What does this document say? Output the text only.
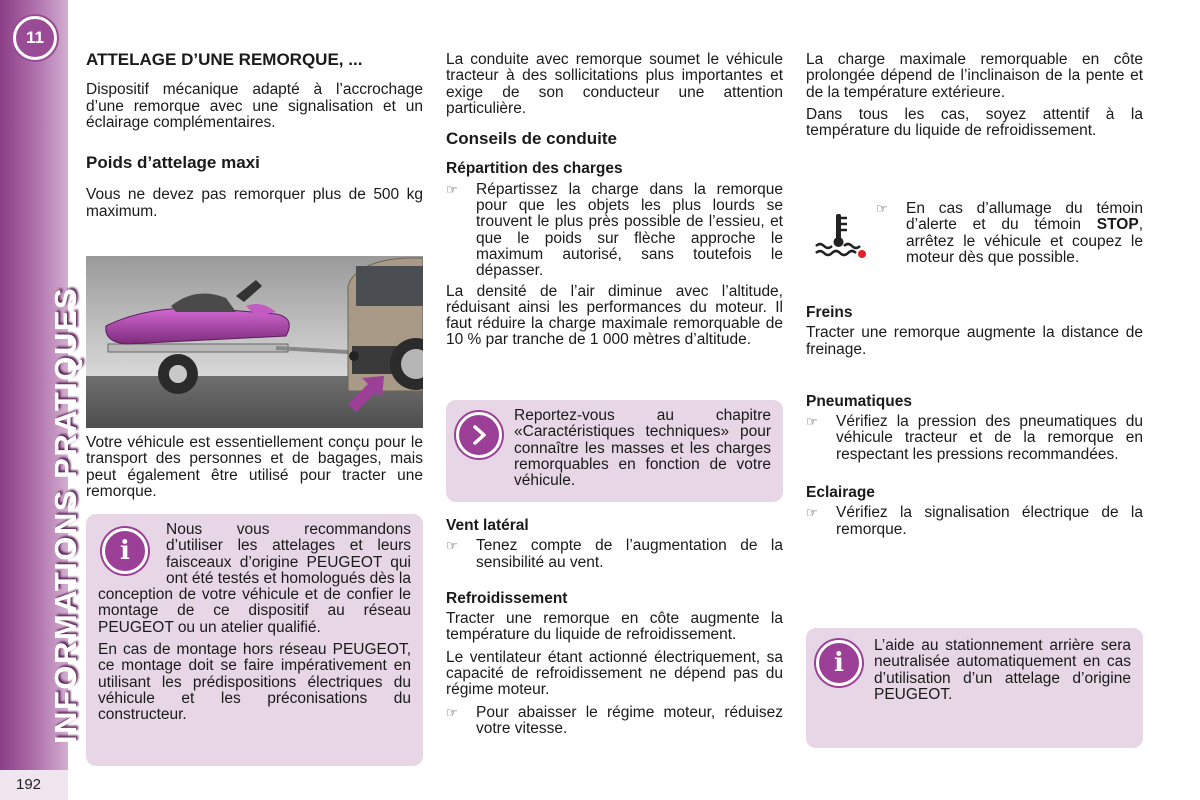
11
INFORMATIONS PRATIQUES
192
ATTELAGE D’UNE REMORQUE, ...

Dispositif mécanique adapté à l’accrochage d’une remorque avec une signalisation et un éclairage complémentaires.

Poids d’attelage maxi

Vous ne devez pas remorquer plus de 500 kg maximum.

Votre véhicule est essentiellement conçu pour le transport des personnes et de bagages, mais peut également être utilisé pour tracter une remorque.

i

Nous vous recommandons d’utiliser les attelages et leurs faisceaux d’origine PEUGEOT qui ont été testés et homologués dès la conception de votre véhicule et de confier le montage de ce dispositif au réseau PEUGEOT ou un atelier qualifié.

En cas de montage hors réseau PEUGEOT, ce montage doit se faire impérativement en utilisant les prédispositions électriques du véhicule et les préconisations du constructeur.

La conduite avec remorque soumet le véhicule tracteur à des sollicitations plus importantes et exige de son conducteur une attention particulière.

Conseils de conduite
Répartition des charges
☞	Répartissez la charge dans la remorque pour que les objets les plus lourds se trouvent le plus près possible de l’essieu, et que le poids sur flèche approche le maximum autorisé, sans toutefois le dépasser.

La densité de l’air diminue avec l’altitude, réduisant ainsi les performances du moteur. Il faut réduire la charge maximale remorquable de 10 % par tranche de 1 000 mètres d’altitude.

Reportez-vous au chapitre «Caractéristiques techniques» pour connaître les masses et les charges remorquables en fonction de votre véhicule.

Vent latéral
☞	Tenez compte de l’augmentation de la sensibilité au vent.
Refroidissement

Tracter une remorque en côte augmente la température du liquide de refroidissement.

Le ventilateur étant actionné électriquement, sa capacité de refroidissement ne dépend pas du régime moteur.

☞	Pour abaisser le régime moteur, réduisez votre vitesse.

La charge maximale remorquable en côte prolongée dépend de l’inclinaison de la pente et de la température extérieure.

Dans tous les cas, soyez attentif à la température du liquide de refroidissement.

☞	En cas d’allumage du témoin d’alerte et du témoin STOP, arrêtez le véhicule et coupez le moteur dès que possible.
Freins

Tracter une remorque augmente la distance de freinage.

Pneumatiques
☞	Vérifiez la pression des pneumatiques du véhicule tracteur et de la remorque en respectant les pressions recommandées.
Eclairage
☞	Vérifiez la signalisation électrique de la remorque.
i

L’aide au stationnement arrière sera neutralisée automatiquement en cas d’utilisation d’un attelage d’origine PEUGEOT.
